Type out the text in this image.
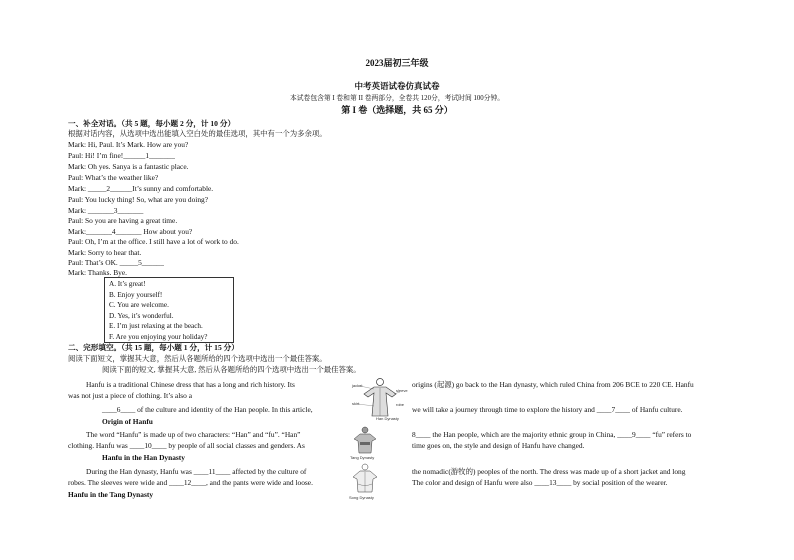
2023届初三年级
中考英语试卷仿真试卷
本试卷包含第 I 卷和第 II 卷两部分，全卷共 120分，考试时间 100分钟。
第 I 卷（选择题，共 65 分）
一、补全对话。（共 5 题，每小题 2 分，计 10 分）
根据对话内容，从选项中选出能填入空白处的最佳选项，其中有一个为多余项。
Mark: Hi, Paul. It’s Mark. How are you?
Paul: Hi! I’m fine!______1_______
Mark: Oh yes. Sanya is a fantastic place.
Paul: What’s the weather like?
Mark: _____2______It’s sunny and comfortable.
Paul: You lucky thing! So, what are you doing?
Mark: _______3_______
Paul: So you are having a great time.
Mark:_______4_______ How about you?
Paul: Oh, I’m at the office. I still have a lot of work to do.
Mark: Sorry to hear that.
Paul: That’s OK. _____5______
Mark: Thanks. Bye.
A. It’s great!
B. Enjoy yourself!
C. You are welcome.
D. Yes, it’s wonderful.
E. I’m just relaxing at the beach.
F. Are you enjoying your holiday?
二、完形填空。（共 15 题，每小题 1 分，计 15 分）
阅读下面短文，掌握其大意，然后从各题所给的四个选项中选出一个最佳答案。
阅读下面的短文, 掌握其大意, 然后从各题所给的四个选项中选出一个最佳答案。
Hanfu is a traditional Chinese dress that has a long and rich history. Its
was not just a piece of clothing. It’s also a
____6____ of the culture and identity of the Han people. In this article,
Origin of Hanfu
The word “Hanfu” is made up of two characters: “Han” and “fu”. “Han”
clothing. Hanfu was ____10____ by people of all social classes and genders. As
Hanfu in the Han Dynasty
During the Han dynasty, Hanfu was ____11____ affected by the culture of
robes. The sleeves were wide and ____12____, and the pants were wide and loose.
Hanfu in the Tang Dynasty
jacket
sleeve
skirt	robe
Han Dynasty
Tang Dynasty
Song Dynasty
origins (起源) go back to the Han dynasty, which ruled China from 206 BCE to 220 CE. Hanfu
we will take a journey through time to explore the history and ____7____ of Hanfu culture.
8____ the Han people, which are the majority ethnic group in China, ____9____ “fu” refers to
time goes on, the style and design of Hanfu have changed.
the nomadic(游牧的) peoples of the north. The dress was made up of a short jacket and long
The color and design of Hanfu were also ____13____ by social position of the wearer.
